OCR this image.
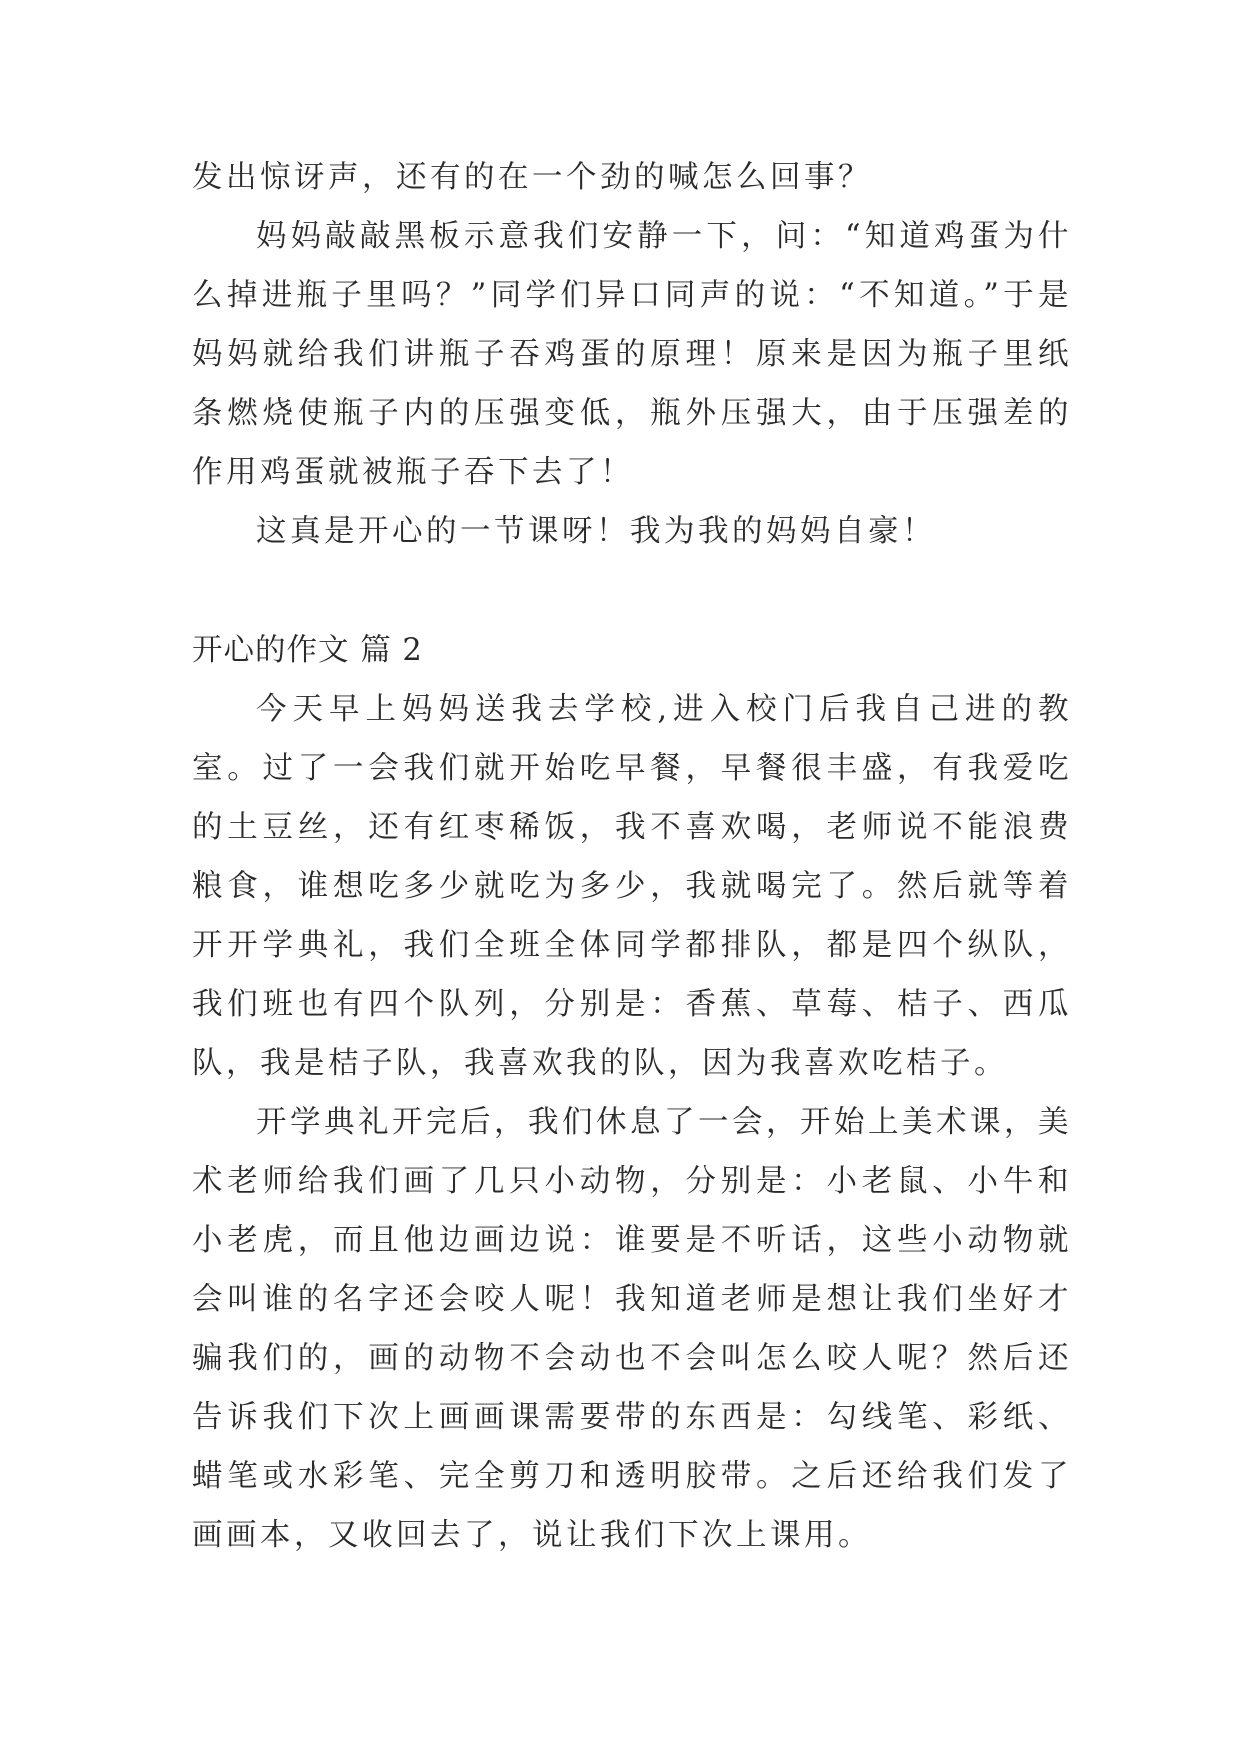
发出惊讶声，还有的在一个劲的喊怎么回事？

妈妈敲敲黑板示意我们安静一下，问：“知道鸡蛋为什么掉进瓶子里吗？”同学们异口同声的说：“不知道。”于是妈妈就给我们讲瓶子吞鸡蛋的原理！原来是因为瓶子里纸条燃烧使瓶子内的压强变低，瓶外压强大，由于压强差的作用鸡蛋就被瓶子吞下去了！

这真是开心的一节课呀！我为我的妈妈自豪！

开心的作文 篇 2

今天早上妈妈送我去学校,进入校门后我自己进的教室。过了一会我们就开始吃早餐，早餐很丰盛，有我爱吃的土豆丝，还有红枣稀饭，我不喜欢喝，老师说不能浪费粮食，谁想吃多少就吃为多少，我就喝完了。然后就等着开开学典礼，我们全班全体同学都排队，都是四个纵队，我们班也有四个队列，分别是：香蕉、草莓、桔子、西瓜队，我是桔子队，我喜欢我的队，因为我喜欢吃桔子。

开学典礼开完后，我们休息了一会，开始上美术课，美术老师给我们画了几只小动物，分别是：小老鼠、小牛和小老虎，而且他边画边说：谁要是不听话，这些小动物就会叫谁的名字还会咬人呢！我知道老师是想让我们坐好才骗我们的，画的动物不会动也不会叫怎么咬人呢？然后还告诉我们下次上画画课需要带的东西是：勾线笔、彩纸、蜡笔或水彩笔、完全剪刀和透明胶带。之后还给我们发了画画本，又收回去了，说让我们下次上课用。
